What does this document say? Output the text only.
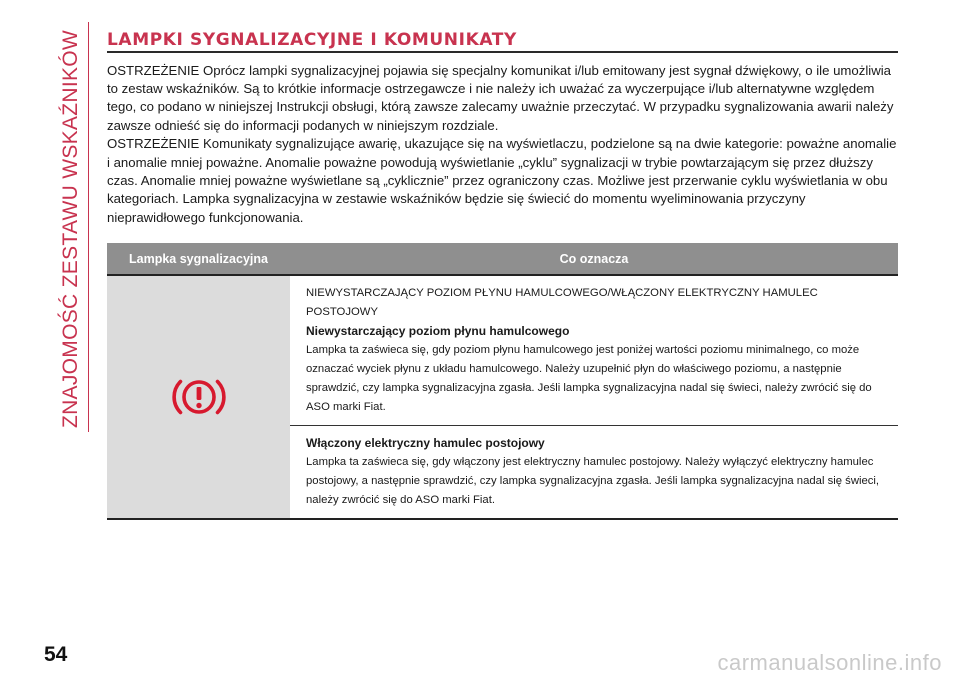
ZNAJOMOŚĆ ZESTAWU WSKAŹNIKÓW LAMPKI SYGNALIZACYJNE I KOMUNIKATY

OSTRZEŻENIE Oprócz lampki sygnalizacyjnej pojawia się specjalny komunikat i/lub emitowany jest sygnał dźwiękowy, o ile umożliwia to zestaw wskaźników. Są to krótkie informacje ostrzegawcze i nie należy ich uważać za wyczerpujące i/lub alternatywne względem tego, co podano w niniejszej Instrukcji obsługi, którą zawsze zalecamy uważnie przeczytać. W przypadku sygnalizowania awarii należy zawsze odnieść się do informacji podanych w niniejszym rozdziale.

OSTRZEŻENIE Komunikaty sygnalizujące awarię, ukazujące się na wyświetlaczu, podzielone są na dwie kategorie: poważne anomalie i anomalie mniej poważne. Anomalie poważne powodują wyświetlanie „cyklu” sygnalizacji w trybie powtarzającym się przez dłuższy czas. Anomalie mniej poważne wyświetlane są „cyklicznie” przez ograniczony czas. Możliwe jest przerwanie cyklu wyświetlania w obu kategoriach. Lampka sygnalizacyjna w zestawie wskaźników będzie się świecić do momentu wyeliminowania przyczyny nieprawidłowego funkcjonowania.

Lampka sygnalizacyjna	Co oznacza
NIEWYSTARCZAJĄCY POZIOM PŁYNU HAMULCOWEGO/WŁĄCZONY ELEKTRYCZNY HAMULEC POSTOJOWY
Niewystarczający poziom płynu hamulcowego
Lampka ta zaświeca się, gdy poziom płynu hamulcowego jest poniżej wartości poziomu minimalnego, co może oznaczać wyciek płynu z układu hamulcowego. Należy uzupełnić płyn do właściwego poziomu, a następnie sprawdzić, czy lampka sygnalizacyjna zgasła. Jeśli lampka sygnalizacyjna nadal się świeci, należy zwrócić się do ASO marki Fiat.
Włączony elektryczny hamulec postojowy
Lampka ta zaświeca się, gdy włączony jest elektryczny hamulec postojowy. Należy wyłączyć elektryczny hamulec postojowy, a następnie sprawdzić, czy lampka sygnalizacyjna zgasła. Jeśli lampka sygnalizacyjna nadal się świeci, należy zwrócić się do ASO marki Fiat.
54	carmanualsonline.info
